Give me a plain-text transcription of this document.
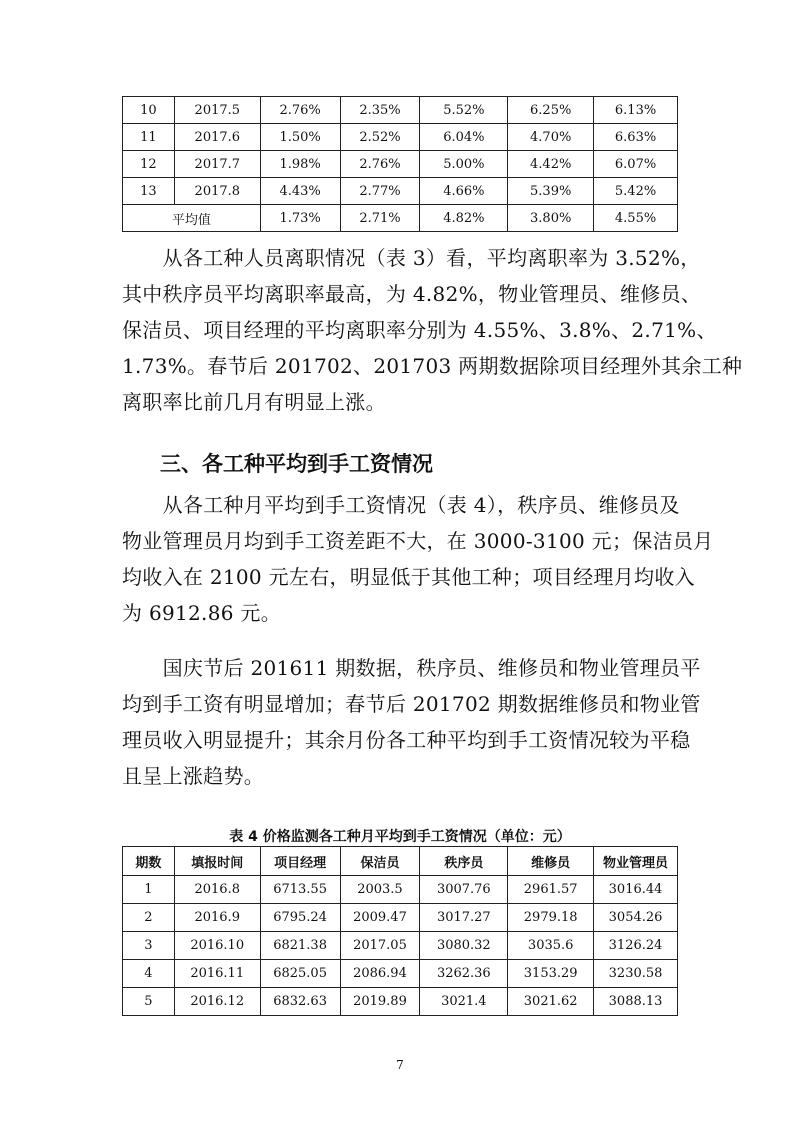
10	2017.5	2.76%	2.35%	5.52%	6.25%	6.13%
11	2017.6	1.50%	2.52%	6.04%	4.70%	6.63%
12	2017.7	1.98%	2.76%	5.00%	4.42%	6.07%
13	2017.8	4.43%	2.77%	4.66%	5.39%	5.42%
平均值		1.73%	2.71%	4.82%	3.80%	4.55%

　　从各工种人员离职情况（表 3）看，平均离职率为 3.52%，
其中秩序员平均离职率最高，为 4.82%，物业管理员、维修员、
保洁员、项目经理的平均离职率分别为 4.55%、3.8%、2.71%、
1.73%。春节后 201702、201703 两期数据除项目经理外其余工种
离职率比前几月有明显上涨。

三、各工种平均到手工资情况

　　从各工种月平均到手工资情况（表 4），秩序员、维修员及
物业管理员月均到手工资差距不大，在 3000-3100 元；保洁员月
均收入在 2100 元左右，明显低于其他工种；项目经理月均收入
为 6912.86 元。

　　国庆节后 201611 期数据，秩序员、维修员和物业管理员平
均到手工资有明显增加；春节后 201702 期数据维修员和物业管
理员收入明显提升；其余月份各工种平均到手工资情况较为平稳
且呈上涨趋势。

表 4 价格监测各工种月平均到手工资情况（单位：元）

期数	填报时间	项目经理	保洁员	秩序员	维修员	物业管理员
1	2016.8	6713.55	2003.5	3007.76	2961.57	3016.44
2	2016.9	6795.24	2009.47	3017.27	2979.18	3054.26
3	2016.10	6821.38	2017.05	3080.32	3035.6	3126.24
4	2016.11	6825.05	2086.94	3262.36	3153.29	3230.58
5	2016.12	6832.63	2019.89	3021.4	3021.62	3088.13
7
